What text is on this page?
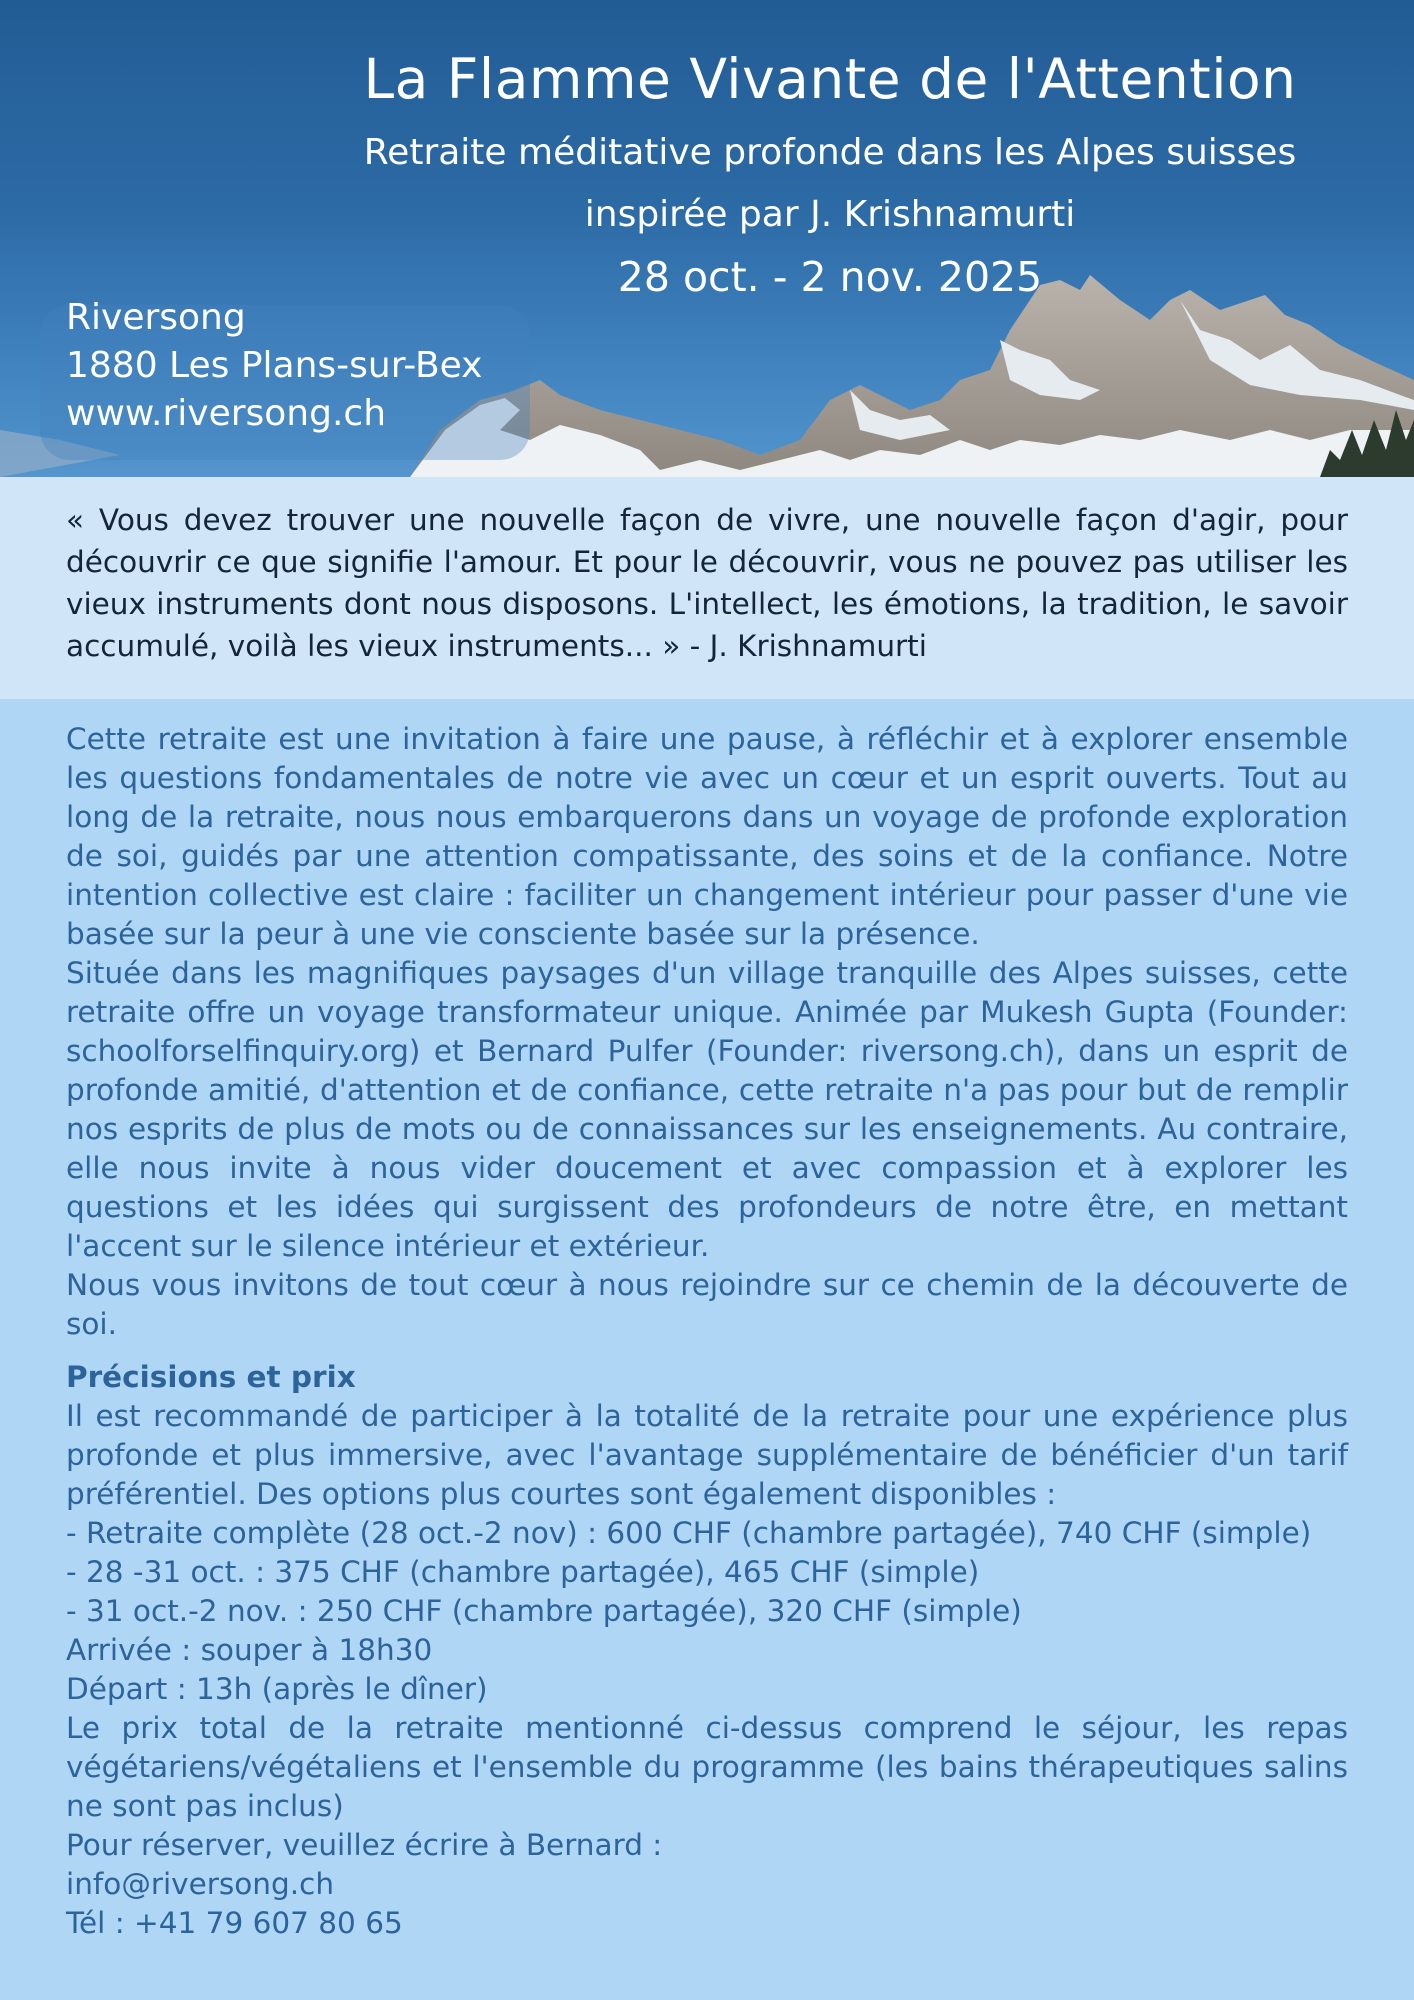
La Flamme Vivante de l'Attention
Retraite méditative profonde dans les Alpes suisses
inspirée par J. Krishnamurti
28 oct. - 2 nov. 2025
Riversong
1880 Les Plans-sur-Bex
www.riversong.ch

« Vous devez trouver une nouvelle façon de vivre, une nouvelle façon d'agir, pour découvrir ce que signifie l'amour. Et pour le découvrir, vous ne pouvez pas utiliser les vieux instruments dont nous disposons. L'intellect, les émotions, la tradition, le savoir accumulé, voilà les vieux instruments... » - J. Krishnamurti

Cette retraite est une invitation à faire une pause, à réfléchir et à explorer ensemble les questions fondamentales de notre vie avec un cœur et un esprit ouverts. Tout au long de la retraite, nous nous embarquerons dans un voyage de profonde exploration de soi, guidés par une attention compatissante, des soins et de la confiance. Notre intention collective est claire : faciliter un changement intérieur pour passer d'une vie basée sur la peur à une vie consciente basée sur la présence.

Située dans les magnifiques paysages d'un village tranquille des Alpes suisses, cette retraite offre un voyage transformateur unique. Animée par Mukesh Gupta (Founder: schoolforselfinquiry.org) et Bernard Pulfer (Founder: riversong.ch), dans un esprit de profonde amitié, d'attention et de confiance, cette retraite n'a pas pour but de remplir nos esprits de plus de mots ou de connaissances sur les enseignements. Au contraire, elle nous invite à nous vider doucement et avec compassion et à explorer les questions et les idées qui surgissent des profondeurs de notre être, en mettant l'accent sur le silence intérieur et extérieur.

Nous vous invitons de tout cœur à nous rejoindre sur ce chemin de la découverte de soi.

Précisions et prix

Il est recommandé de participer à la totalité de la retraite pour une expérience plus profonde et plus immersive, avec l'avantage supplémentaire de bénéficier d'un tarif préférentiel. Des options plus courtes sont également disponibles :

- Retraite complète (28 oct.-2 nov) : 600 CHF (chambre partagée), 740 CHF (simple)

- 28 -31 oct. : 375 CHF (chambre partagée), 465 CHF (simple)

- 31 oct.-2 nov. : 250 CHF (chambre partagée), 320 CHF (simple)

Arrivée : souper à 18h30

Départ : 13h (après le dîner)

Le prix total de la retraite mentionné ci-dessus comprend le séjour, les repas végétariens/végétaliens et l'ensemble du programme (les bains thérapeutiques salins ne sont pas inclus)

Pour réserver, veuillez écrire à Bernard :

info@riversong.ch

Tél : +41 79 607 80 65
